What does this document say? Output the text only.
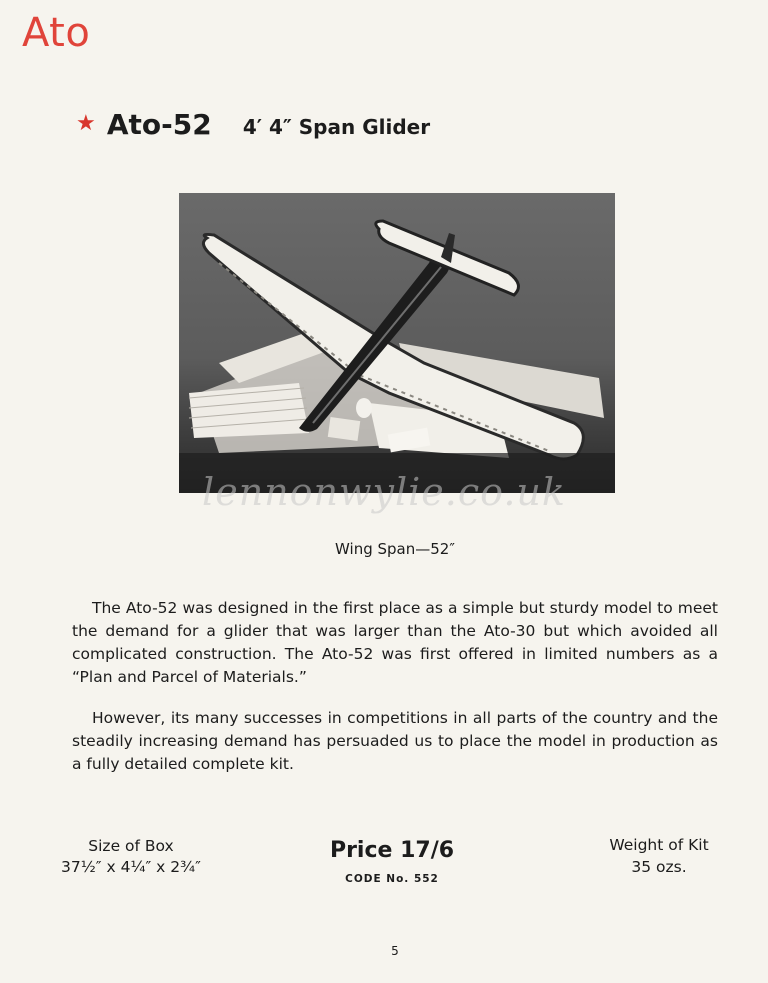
Ato
★ Ato-52 4′ 4″ Span Glider
lennonwylie.co.uk
Wing Span—52″

The Ato-52 was designed in the first place as a simple but sturdy model to meet the demand for a glider that was larger than the Ato-30 but which avoided all complicated construction. The Ato-52 was first offered in limited numbers as a “Plan and Parcel of Materials.”

However, its many successes in competitions in all parts of the country and the steadily increasing demand has persuaded us to place the model in production as a fully detailed complete kit.

Size of Box
37½″ x 4¼″ x 2¾″
Price 17/6
CODE No. 552
Weight of Kit
35 ozs.
5
